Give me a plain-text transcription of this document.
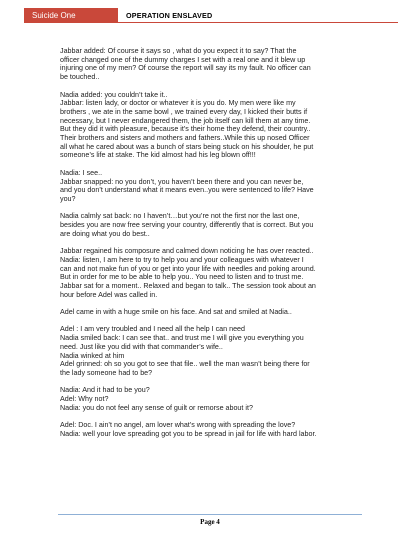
Suicide One	OPERATION ENSLAVED
Jabbar added: Of course it says so , what do you expect it to say? That the
officer changed one of the dummy charges I set with a real one and it blew up
injuring one of my men? Of course the report will say its my fault. No officer can
be touched..
Nadia added: you couldn’t take it..
Jabbar: listen lady, or doctor or whatever it is you do. My men were like my
brothers , we ate in the same bowl , we trained every day, I kicked their butts if
necessary, but I never endangered them, the job itself can kill them at any time.
But they did it with pleasure, because it’s their home they defend, their country..
Their brothers and sisters and mothers and fathers..While this up nosed Officer
all what he cared about was a bunch of stars being stuck on his shoulder, he put
someone’s life at stake. The kid almost had his leg blown off!!!
Nadia: I see..
Jabbar snapped: no you don’t, you haven’t been there and you can never be,
and you don’t understand what it means even..you were sentenced to life? Have
you?
Nadia calmly sat back: no I haven’t…but you’re not the first nor the last one,
besides you are now free serving your country, differently that is correct. But you
are doing what you do best..
Jabbar regained his composure and calmed down noticing he has over reacted..
Nadia: listen, I am here to try to help you and your colleagues with whatever I
can and not make fun of you or get into your life with needles and poking around.
But in order for me to be able to help you.. You need to listen and to trust me.
Jabbar sat for a moment.. Relaxed and began to talk.. The session took about an
hour before Adel was called in.
Adel came in with a huge smile on his face. And sat and smiled at Nadia..
Adel : I am very troubled and I need all the help I can need
Nadia smiled back: I can see that.. and trust me I will give you everything you
need. Just like you did with that commander’s wife..
Nadia winked at him
Adel grinned: oh so you got to see that file.. well the man wasn’t being there for
the lady someone had to be?
Nadia: And it had to be you?
Adel: Why not?
Nadia: you do not feel any sense of guilt or remorse about it?
Adel: Doc. I ain’t no angel, am lover what’s wrong with spreading the love?
Nadia: well your love spreading got you to be spread in jail for life with hard labor.
Page 4
